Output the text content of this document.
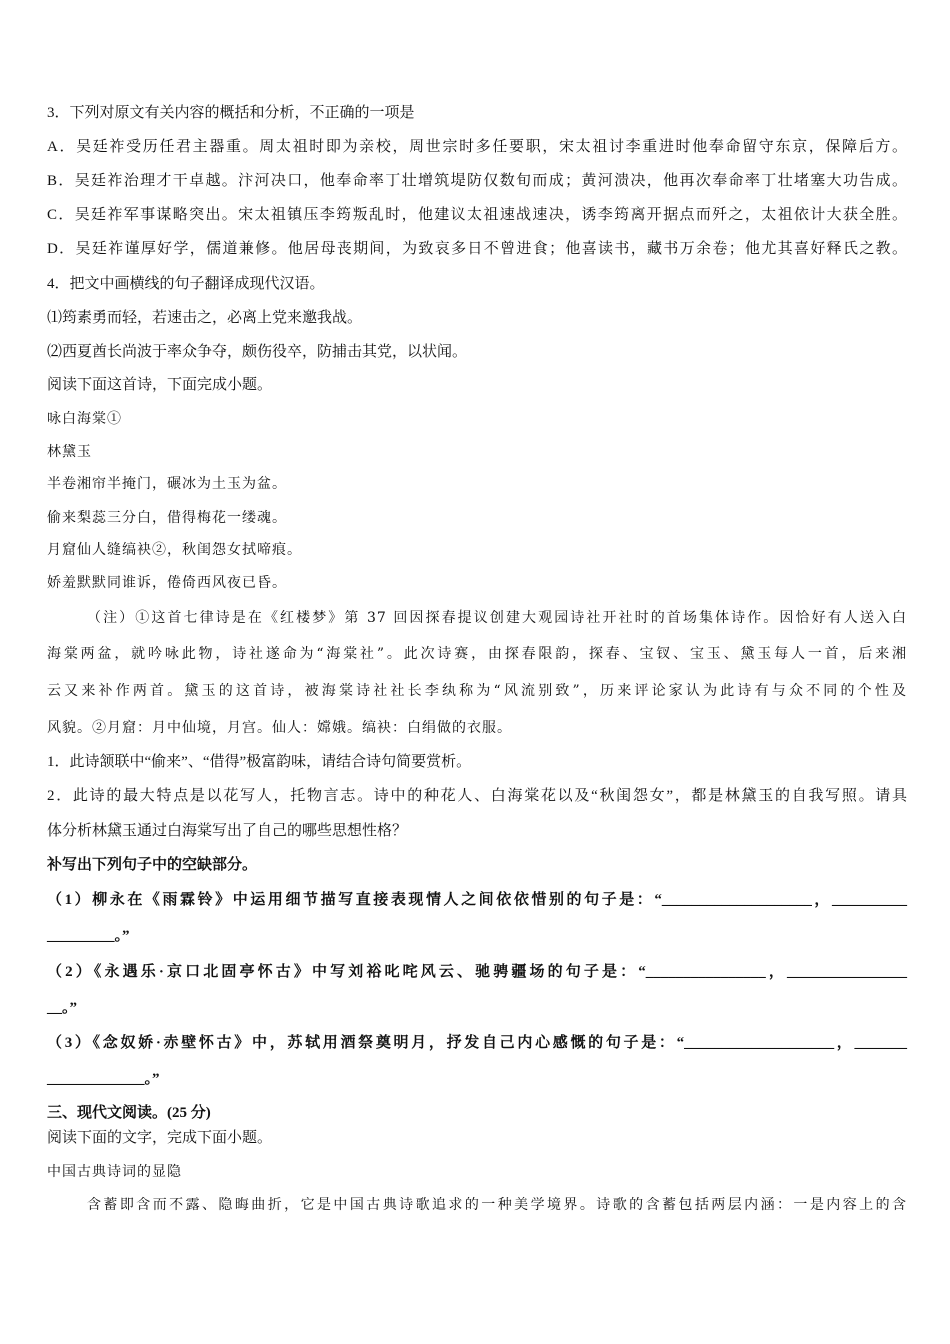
3．下列对原文有关内容的概括和分析，不正确的一项是
A．吴廷祚受历任君主器重。周太祖时即为亲校，周世宗时多任要职，宋太祖讨李重进时他奉命留守东京，保障后方。
B．吴廷祚治理才干卓越。汴河决口，他奉命率丁壮增筑堤防仅数旬而成；黄河溃决，他再次奉命率丁壮堵塞大功告成。
C．吴廷祚军事谋略突出。宋太祖镇压李筠叛乱时，他建议太祖速战速决，诱李筠离开据点而歼之，太祖依计大获全胜。
D．吴廷祚谨厚好学，儒道兼修。他居母丧期间，为致哀多日不曾进食；他喜读书，藏书万余卷；他尤其喜好释氏之教。
4．把文中画横线的句子翻译成现代汉语。
⑴筠素勇而轻，若速击之，必离上党来邀我战。
⑵西夏酋长尚波于率众争夺，颇伤役卒，防捕击其党，以状闻。
阅读下面这首诗，下面完成小题。
咏白海棠①
林黛玉
半卷湘帘半掩门，碾冰为土玉为盆。
偷来梨蕊三分白，借得梅花一缕魂。
月窟仙人缝缟袂②，秋闺怨女拭啼痕。
娇羞默默同谁诉，倦倚西风夜已昏。
（注）①这首七律诗是在《红楼梦》第 37 回因探春提议创建大观园诗社开社时的首场集体诗作。因恰好有人送入白
海棠两盆，就吟咏此物，诗社遂命为“海棠社”。此次诗赛，由探春限韵，探春、宝钗、宝玉、黛玉每人一首，后来湘
云又来补作两首。黛玉的这首诗，被海棠诗社社长李纨称为“风流别致”，历来评论家认为此诗有与众不同的个性及
风貌。②月窟：月中仙境，月宫。仙人：嫦娥。缟袂：白绢做的衣服。
1．此诗颔联中“偷来”、“借得”极富韵味，请结合诗句简要赏析。
2．此诗的最大特点是以花写人，托物言志。诗中的种花人、白海棠花以及“秋闺怨女”，都是林黛玉的自我写照。请具
体分析林黛玉通过白海棠写出了自己的哪些思想性格？
补写出下列句子中的空缺部分。
（1）柳永在《雨霖铃》中运用细节描写直接表现情人之间依依惜别的句子是：“____________________，__________
_________。”
（2）《永遇乐·京口北固亭怀古》中写刘裕叱咤风云、驰骋疆场的句子是：“________________，________________
__。”
（3）《念奴娇·赤壁怀古》中，苏轼用酒祭奠明月，抒发自己内心感慨的句子是：“____________________，_______
_____________。”
三、现代文阅读。(25 分)
阅读下面的文字，完成下面小题。
中国古典诗词的显隐
含蓄即含而不露、隐晦曲折，它是中国古典诗歌追求的一种美学境界。诗歌的含蓄包括两层内涵：一是内容上的含
